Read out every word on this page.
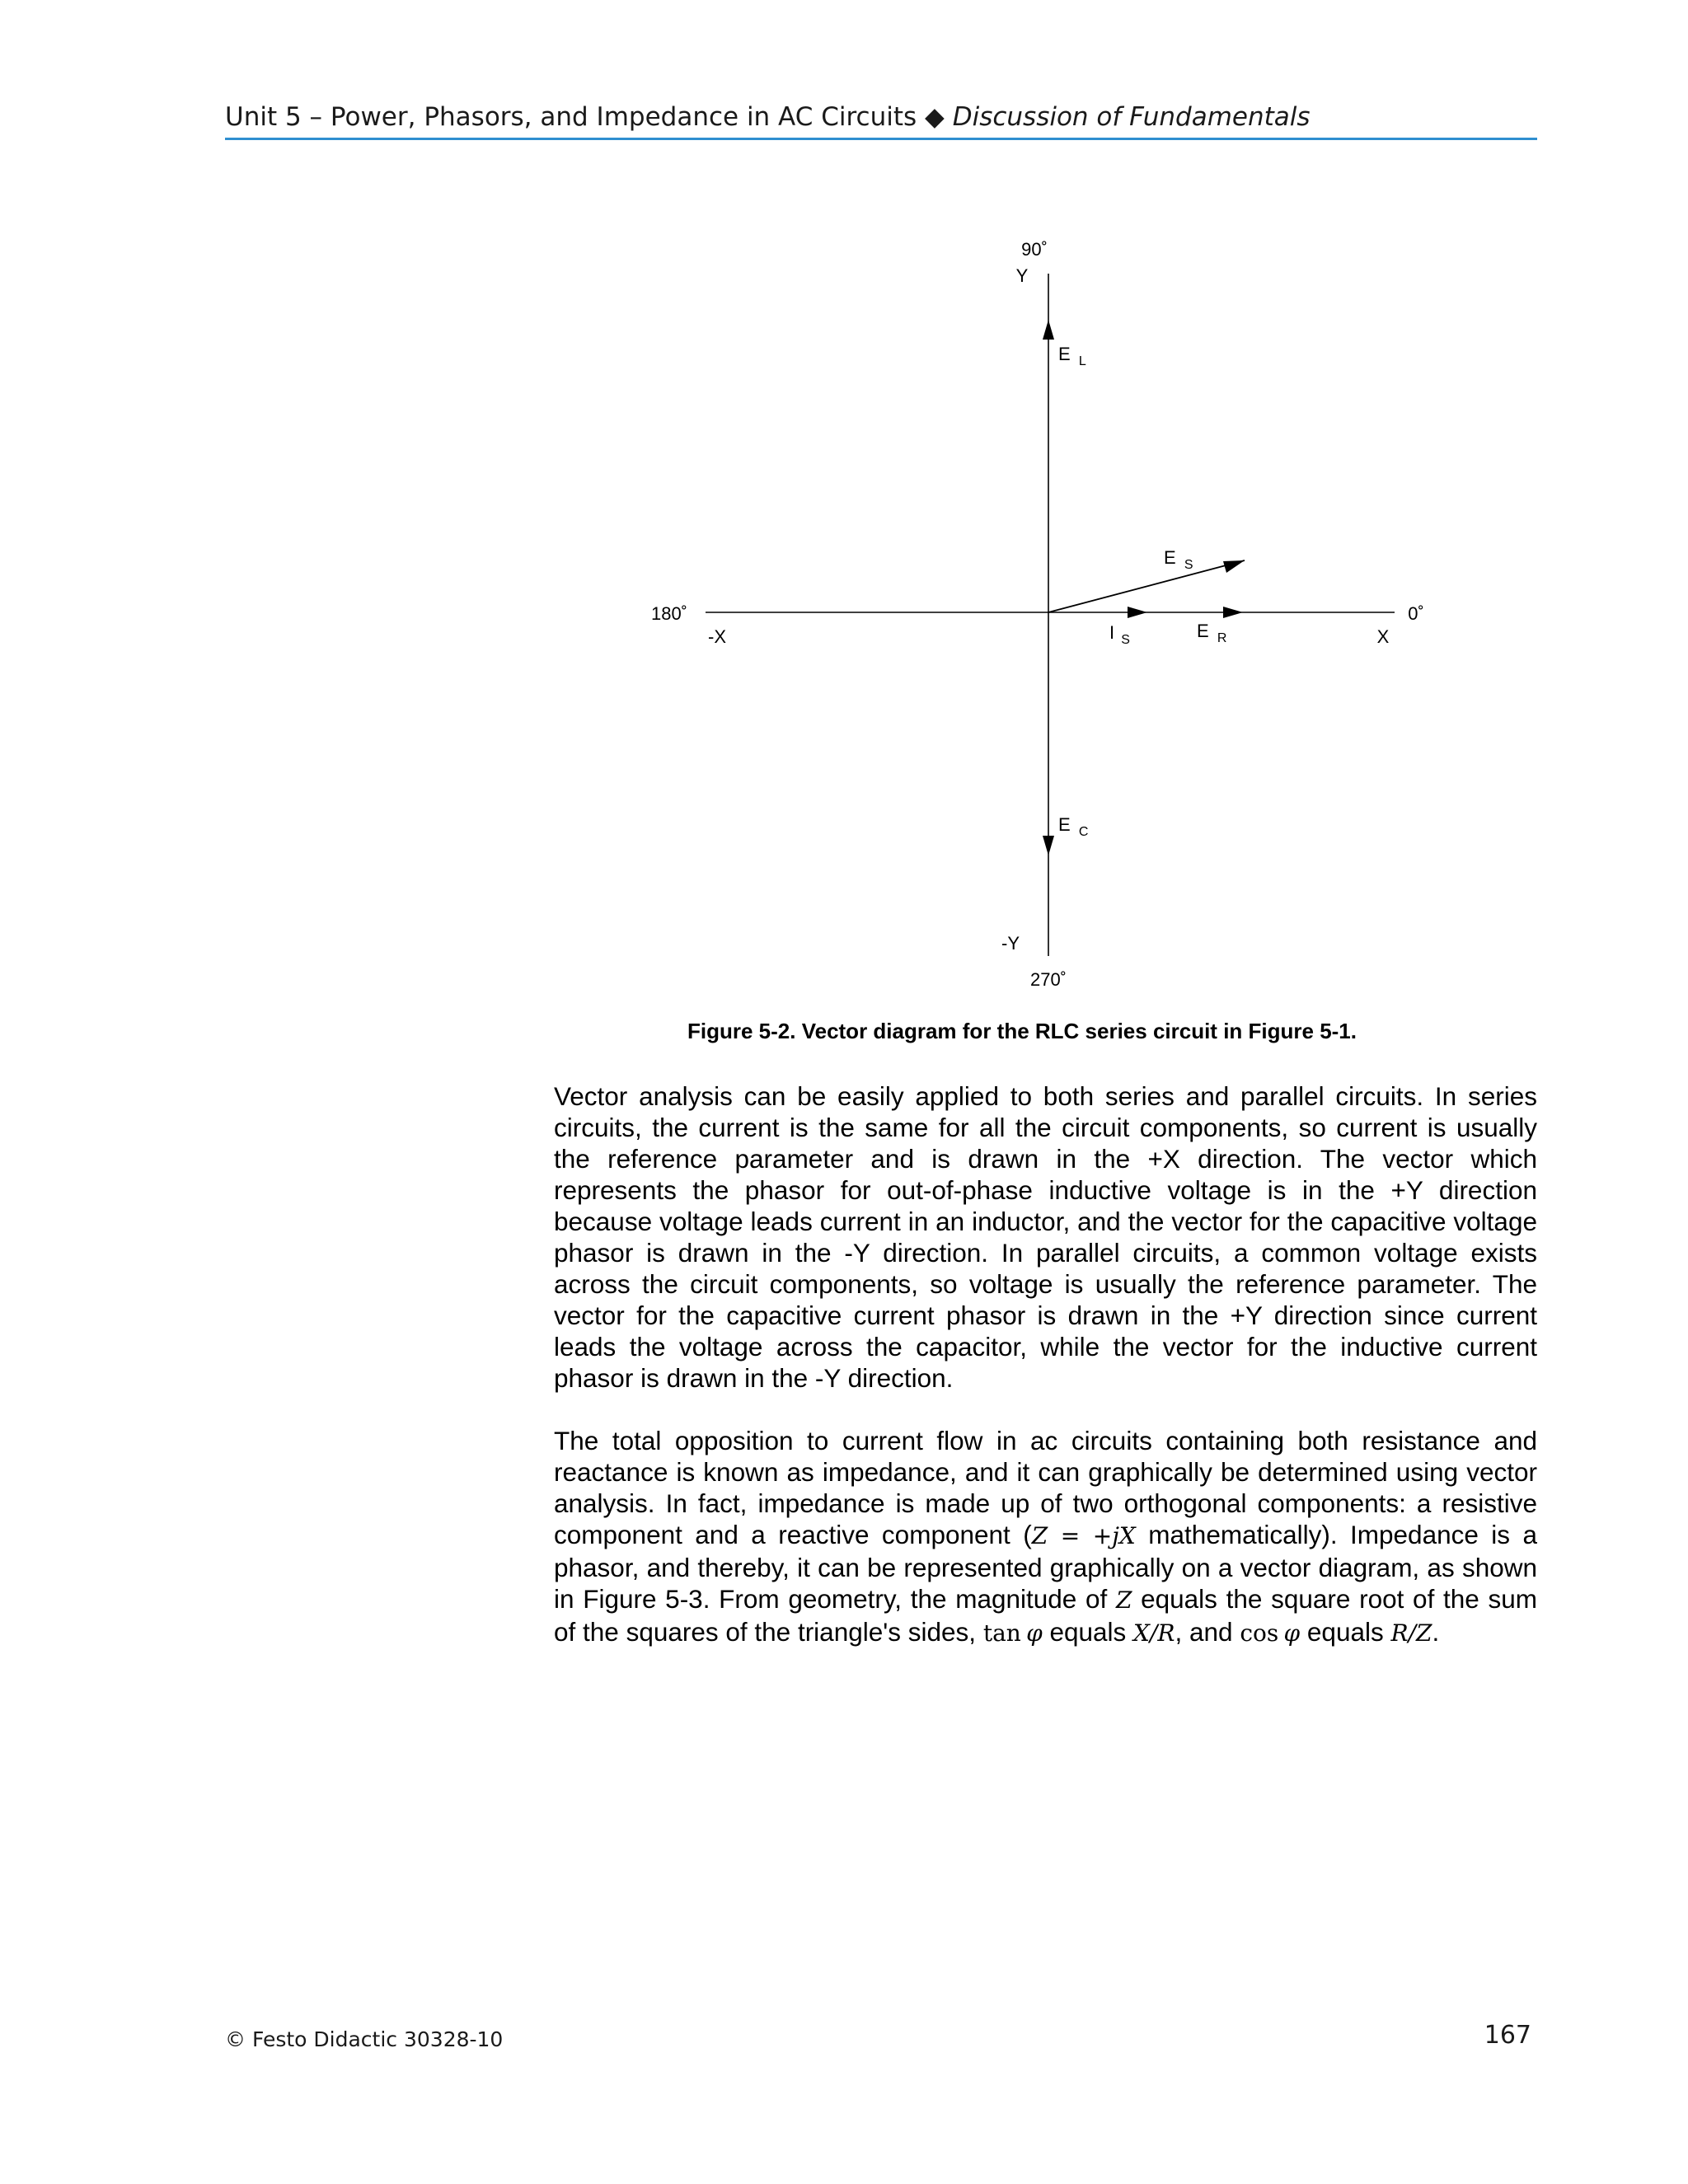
Unit 5 – Power, Phasors, and Impedance in AC Circuits ◆ Discussion of Fundamentals
90˚
Y
180˚
-X
0˚
X
-Y
270˚
E $_L$
E $_S$
I $_S$	E $_R$
E $_C$
Figure 5-2. Vector diagram for the RLC series circuit in Figure 5-1.
Vector analysis can be easily applied to both series and parallel circuits. In series circuits, the current is the same for all the circuit components, so current is usually the reference parameter and is drawn in the +X direction. The vector which represents the phasor for out-of-phase inductive voltage is in the +Y direction because voltage leads current in an inductor, and the vector for the capacitive voltage phasor is drawn in the -Y direction. In parallel circuits, a common voltage exists across the circuit components, so voltage is usually the reference parameter. The vector for the capacitive current phasor is drawn in the +Y direction since current leads the voltage across the capacitor, while the vector for the inductive current phasor is drawn in the -Y direction.
The total opposition to current flow in ac circuits containing both resistance and reactance is known as impedance, and it can graphically be determined using vector analysis. In fact, impedance is made up of two orthogonal components: a resistive component and a reactive component (Z = +jX mathematically). Impedance is a phasor, and thereby, it can be represented graphically on a vector diagram, as shown in Figure 5-3. From geometry, the magnitude of Z equals the square root of the sum of the squares of the triangle's sides, tan  φ equals X/R, and cos  φ equals R/Z.
© Festo Didactic 30328-10	167
